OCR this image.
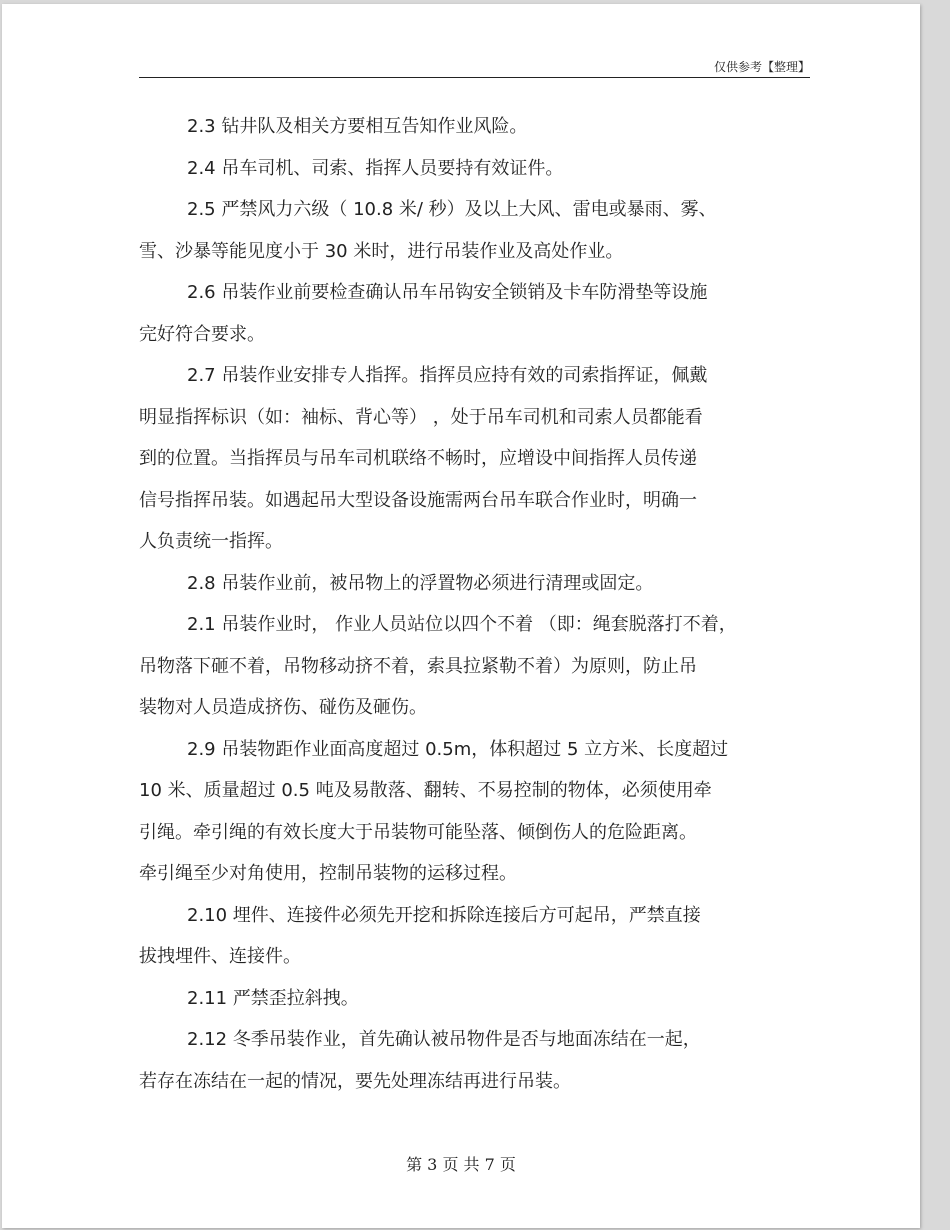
仅供参考【整理】
2.3 钻井队及相关方要相互告知作业风险。
2.4 吊车司机、司索、指挥人员要持有效证件。
2.5 严禁风力六级（ 10.8 米/ 秒）及以上大风、雷电或暴雨、雾、
雪、沙暴等能见度小于 30 米时，进行吊装作业及高处作业。
2.6 吊装作业前要检查确认吊车吊钩安全锁销及卡车防滑垫等设施
完好符合要求。
2.7 吊装作业安排专人指挥。指挥员应持有效的司索指挥证，佩戴
明显指挥标识（如：袖标、背心等） ，处于吊车司机和司索人员都能看
到的位置。当指挥员与吊车司机联络不畅时，应增设中间指挥人员传递
信号指挥吊装。如遇起吊大型设备设施需两台吊车联合作业时，明确一
人负责统一指挥。
2.8 吊装作业前，被吊物上的浮置物必须进行清理或固定。
2.1 吊装作业时， 作业人员站位以四个不着 （即：绳套脱落打不着，
吊物落下砸不着，吊物移动挤不着，索具拉紧勒不着）为原则，防止吊
装物对人员造成挤伤、碰伤及砸伤。
2.9 吊装物距作业面高度超过 0.5m，体积超过 5 立方米、长度超过
10 米、质量超过 0.5 吨及易散落、翻转、不易控制的物体，必须使用牵
引绳。牵引绳的有效长度大于吊装物可能坠落、倾倒伤人的危险距离。
牵引绳至少对角使用，控制吊装物的运移过程。
2.10 埋件、连接件必须先开挖和拆除连接后方可起吊，严禁直接
拔拽埋件、连接件。
2.11 严禁歪拉斜拽。
2.12 冬季吊装作业，首先确认被吊物件是否与地面冻结在一起，
若存在冻结在一起的情况，要先处理冻结再进行吊装。
第 3 页 共 7 页
